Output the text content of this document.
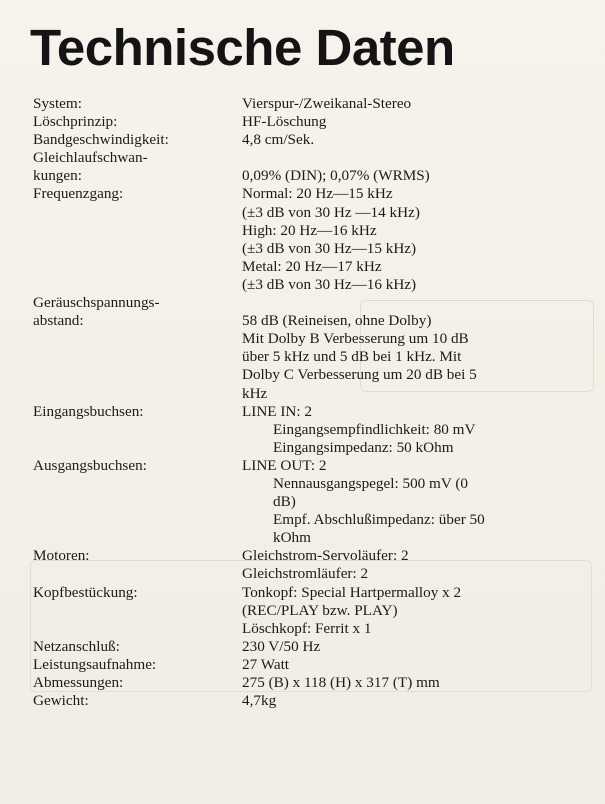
Technische Daten
System:	Vierspur-/Zweikanal-Stereo
Löschprinzip:	HF-Löschung
Bandgeschwindigkeit:	4,8 cm/Sek.
Gleichlaufschwan-
kungen:
	0,09% (DIN); 0,07% (WRMS)
Frequenzgang:	Normal: 20 Hz—15 kHz
(±3 dB von 30 Hz —14 kHz)
High: 20 Hz—16 kHz
(±3 dB von 30 Hz—15 kHz)
Metal: 20 Hz—17 kHz
(±3 dB von 30 Hz—16 kHz)
Geräuschspannungs-
abstand:
	58 dB (Reineisen, ohne Dolby)
Mit Dolby B Verbesserung um 10 dB
über 5 kHz und 5 dB bei 1 kHz. Mit
Dolby C Verbesserung um 20 dB bei 5
kHz
Eingangsbuchsen:	LINE IN: 2
Eingangsempfindlichkeit: 80 mV
Eingangsimpedanz: 50 kOhm
Ausgangsbuchsen:	LINE OUT: 2
Nennausgangspegel: 500 mV (0
dB)
Empf. Abschlußimpedanz: über 50
kOhm
Motoren:	Gleichstrom-Servoläufer: 2
Gleichstromläufer: 2
Kopfbestückung:	Tonkopf: Special Hartpermalloy x 2
(REC/PLAY bzw. PLAY)
Löschkopf: Ferrit x 1
Netzanschluß:	230 V/50 Hz
Leistungsaufnahme:	27 Watt
Abmessungen:	275 (B) x 118 (H) x 317 (T) mm
Gewicht:	4,7kg
